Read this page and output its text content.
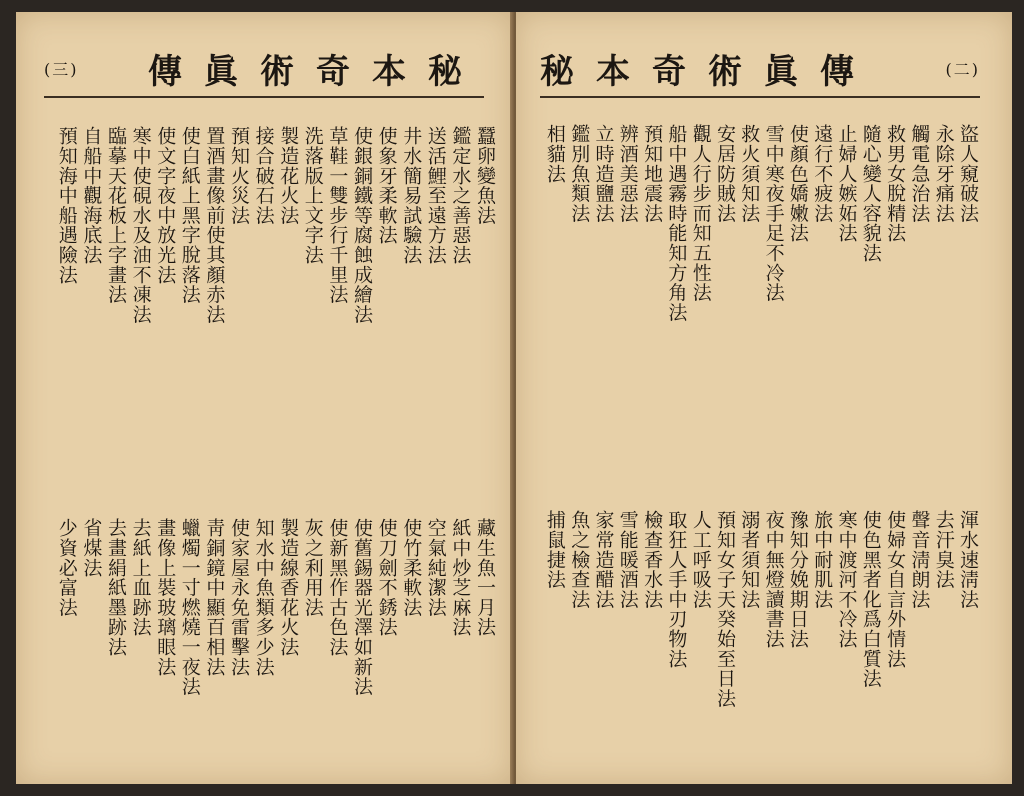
(三) 傳眞術奇本秘
蠶卵變魚法
鑑定水之善惡法
送活鯉至遠方法
井水簡易試驗法
使象牙柔軟法
使銀銅鐵等腐蝕成繪法
草鞋一雙步行千里法
洗落版上文字法
製造花火法
接合破石法
預知火災法
置酒畫像前使其顏赤法
使白紙上黑字脫落法
使文字夜中放光法
寒中使硯水及油不凍法
臨摹天花板上字畫法
自船中觀海底法
預知海中船遇險法
藏生魚一月法
紙中炒芝麻法
空氣純潔法
使竹柔軟法
使刀劍不銹法
使舊錫器光澤如新法
使新黑作古色法
灰之利用法
製造線香花火法
知水中魚類多少法
使家屋永免雷擊法
靑銅鏡中顯百相法
蠟燭一寸燃燒一夜法
畫像上裝玻璃眼法
去紙上血跡法
去畫絹紙墨跡法
省煤法
少資必富法
秘本奇術眞傳	(二)
盜人窺破法
永除牙痛法
觸電急治法
救男女脫精法
隨心變人容貌法
止婦人嫉妬法
遠行不疲法
使顏色嬌嫩法
雪中寒夜手足不冷法
救火須知法
安居防賊法
觀人行步而知五性法
船中遇霧時能知方角法
預知地震法
辨酒美惡法
立時造鹽法
鑑別魚類法
相貓法
渾水速淸法
去汗臭法
聲音淸朗法
使婦女自言外情法
使色黑者化爲白質法
寒中渡河不冷法
旅中耐肌法
豫知分娩期日法
夜中無燈讀書法
溺者須知法
預知女子天癸始至日法
人工呼吸法
取狂人手中刃物法
檢查香水法
雪能暖酒法
家常造醋法
魚之檢查法
捕鼠捷法
